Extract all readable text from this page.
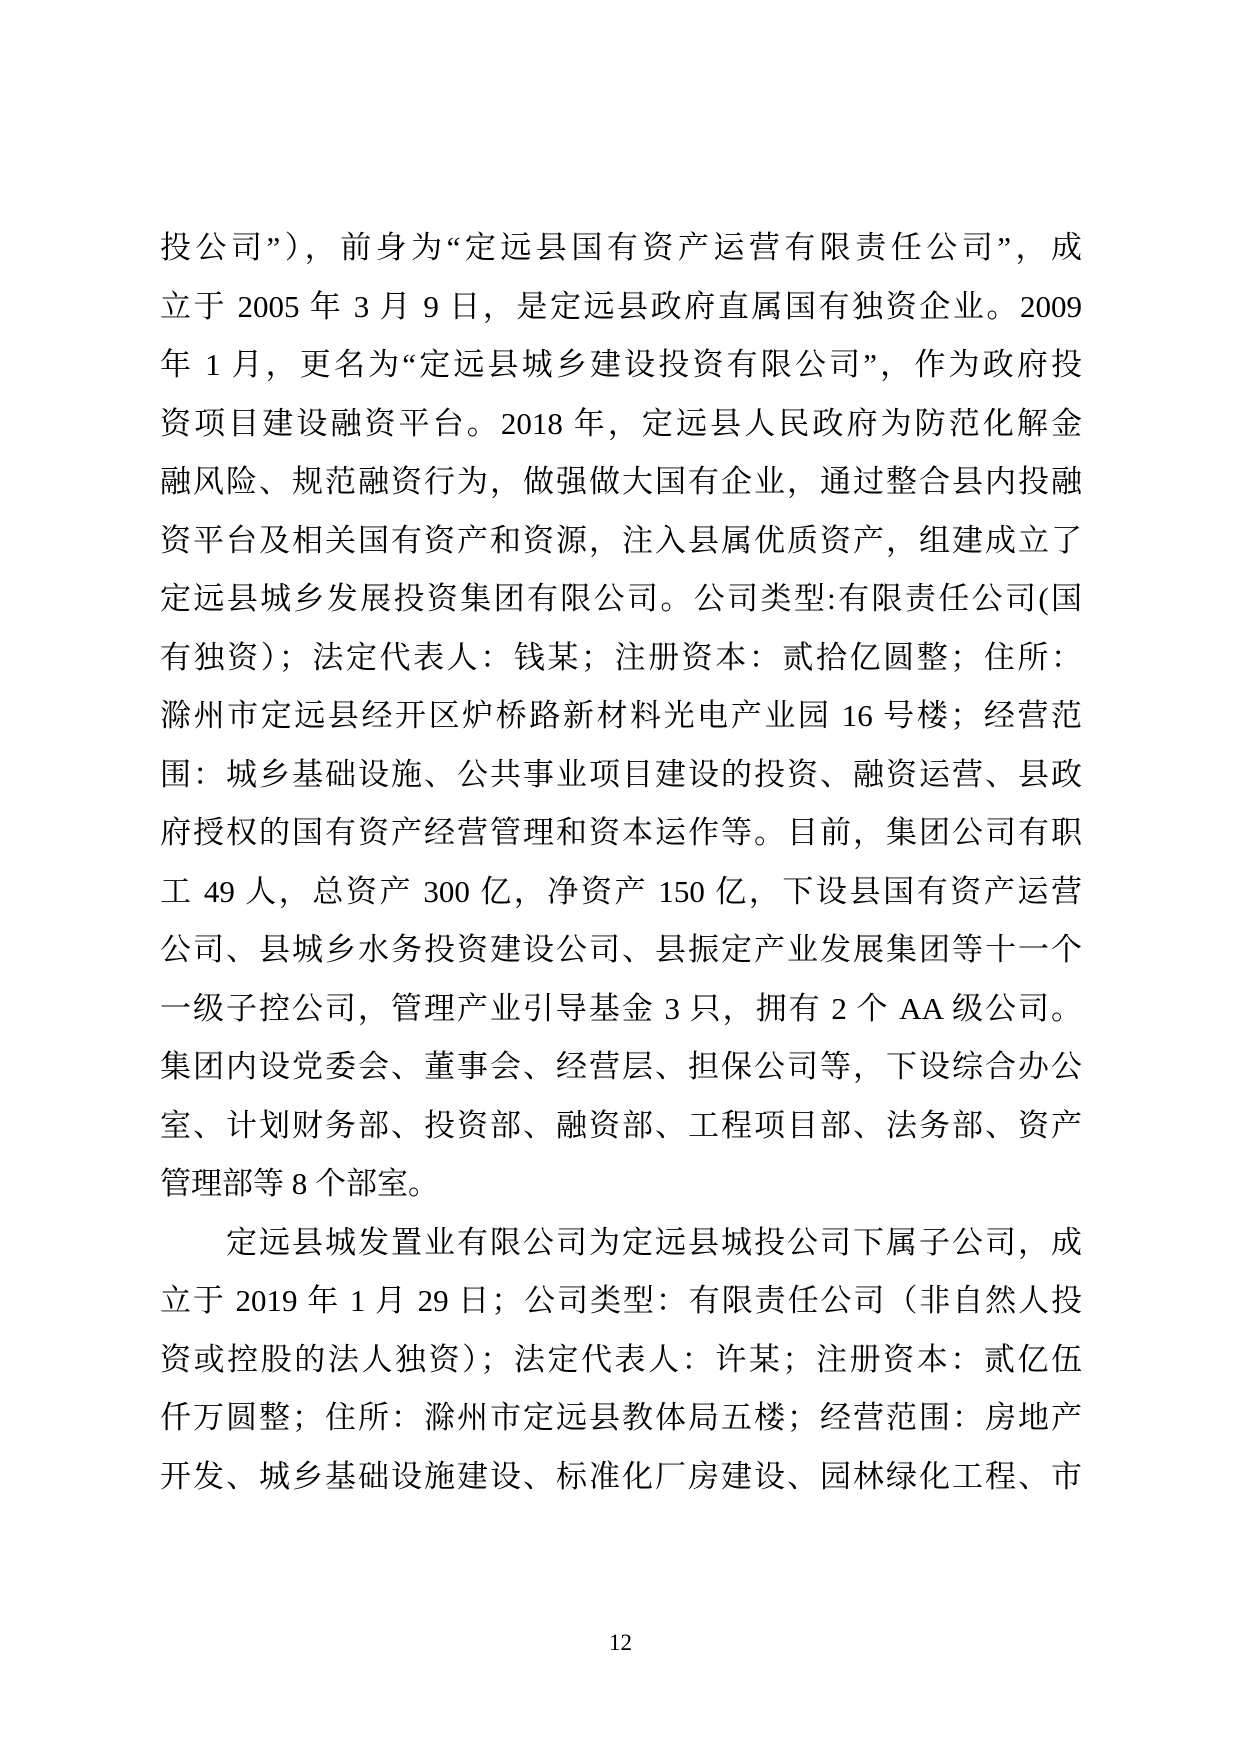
投公司”），前身为“定远县国有资产运营有限责任公司”，成
立于 2005 年 3 月 9 日，是定远县政府直属国有独资企业。2009
年 1 月，更名为“定远县城乡建设投资有限公司”，作为政府投
资项目建设融资平台。2018 年，定远县人民政府为防范化解金
融风险、规范融资行为，做强做大国有企业，通过整合县内投融
资平台及相关国有资产和资源，注入县属优质资产，组建成立了
定远县城乡发展投资集团有限公司。公司类型:有限责任公司(国
有独资）；法定代表人：钱某；注册资本：贰拾亿圆整；住所：
滁州市定远县经开区炉桥路新材料光电产业园 16 号楼；经营范
围：城乡基础设施、公共事业项目建设的投资、融资运营、县政
府授权的国有资产经营管理和资本运作等。目前，集团公司有职
工 49 人，总资产 300 亿，净资产 150 亿，下设县国有资产运营
公司、县城乡水务投资建设公司、县振定产业发展集团等十一个
一级子控公司，管理产业引导基金 3 只，拥有 2 个 AA 级公司。
集团内设党委会、董事会、经营层、担保公司等，下设综合办公
室、计划财务部、投资部、融资部、工程项目部、法务部、资产
管理部等 8 个部室。
定远县城发置业有限公司为定远县城投公司下属子公司，成
立于 2019 年 1 月 29 日；公司类型：有限责任公司（非自然人投
资或控股的法人独资）；法定代表人：许某；注册资本：贰亿伍
仟万圆整；住所：滁州市定远县教体局五楼；经营范围：房地产
开发、城乡基础设施建设、标准化厂房建设、园林绿化工程、市
12
